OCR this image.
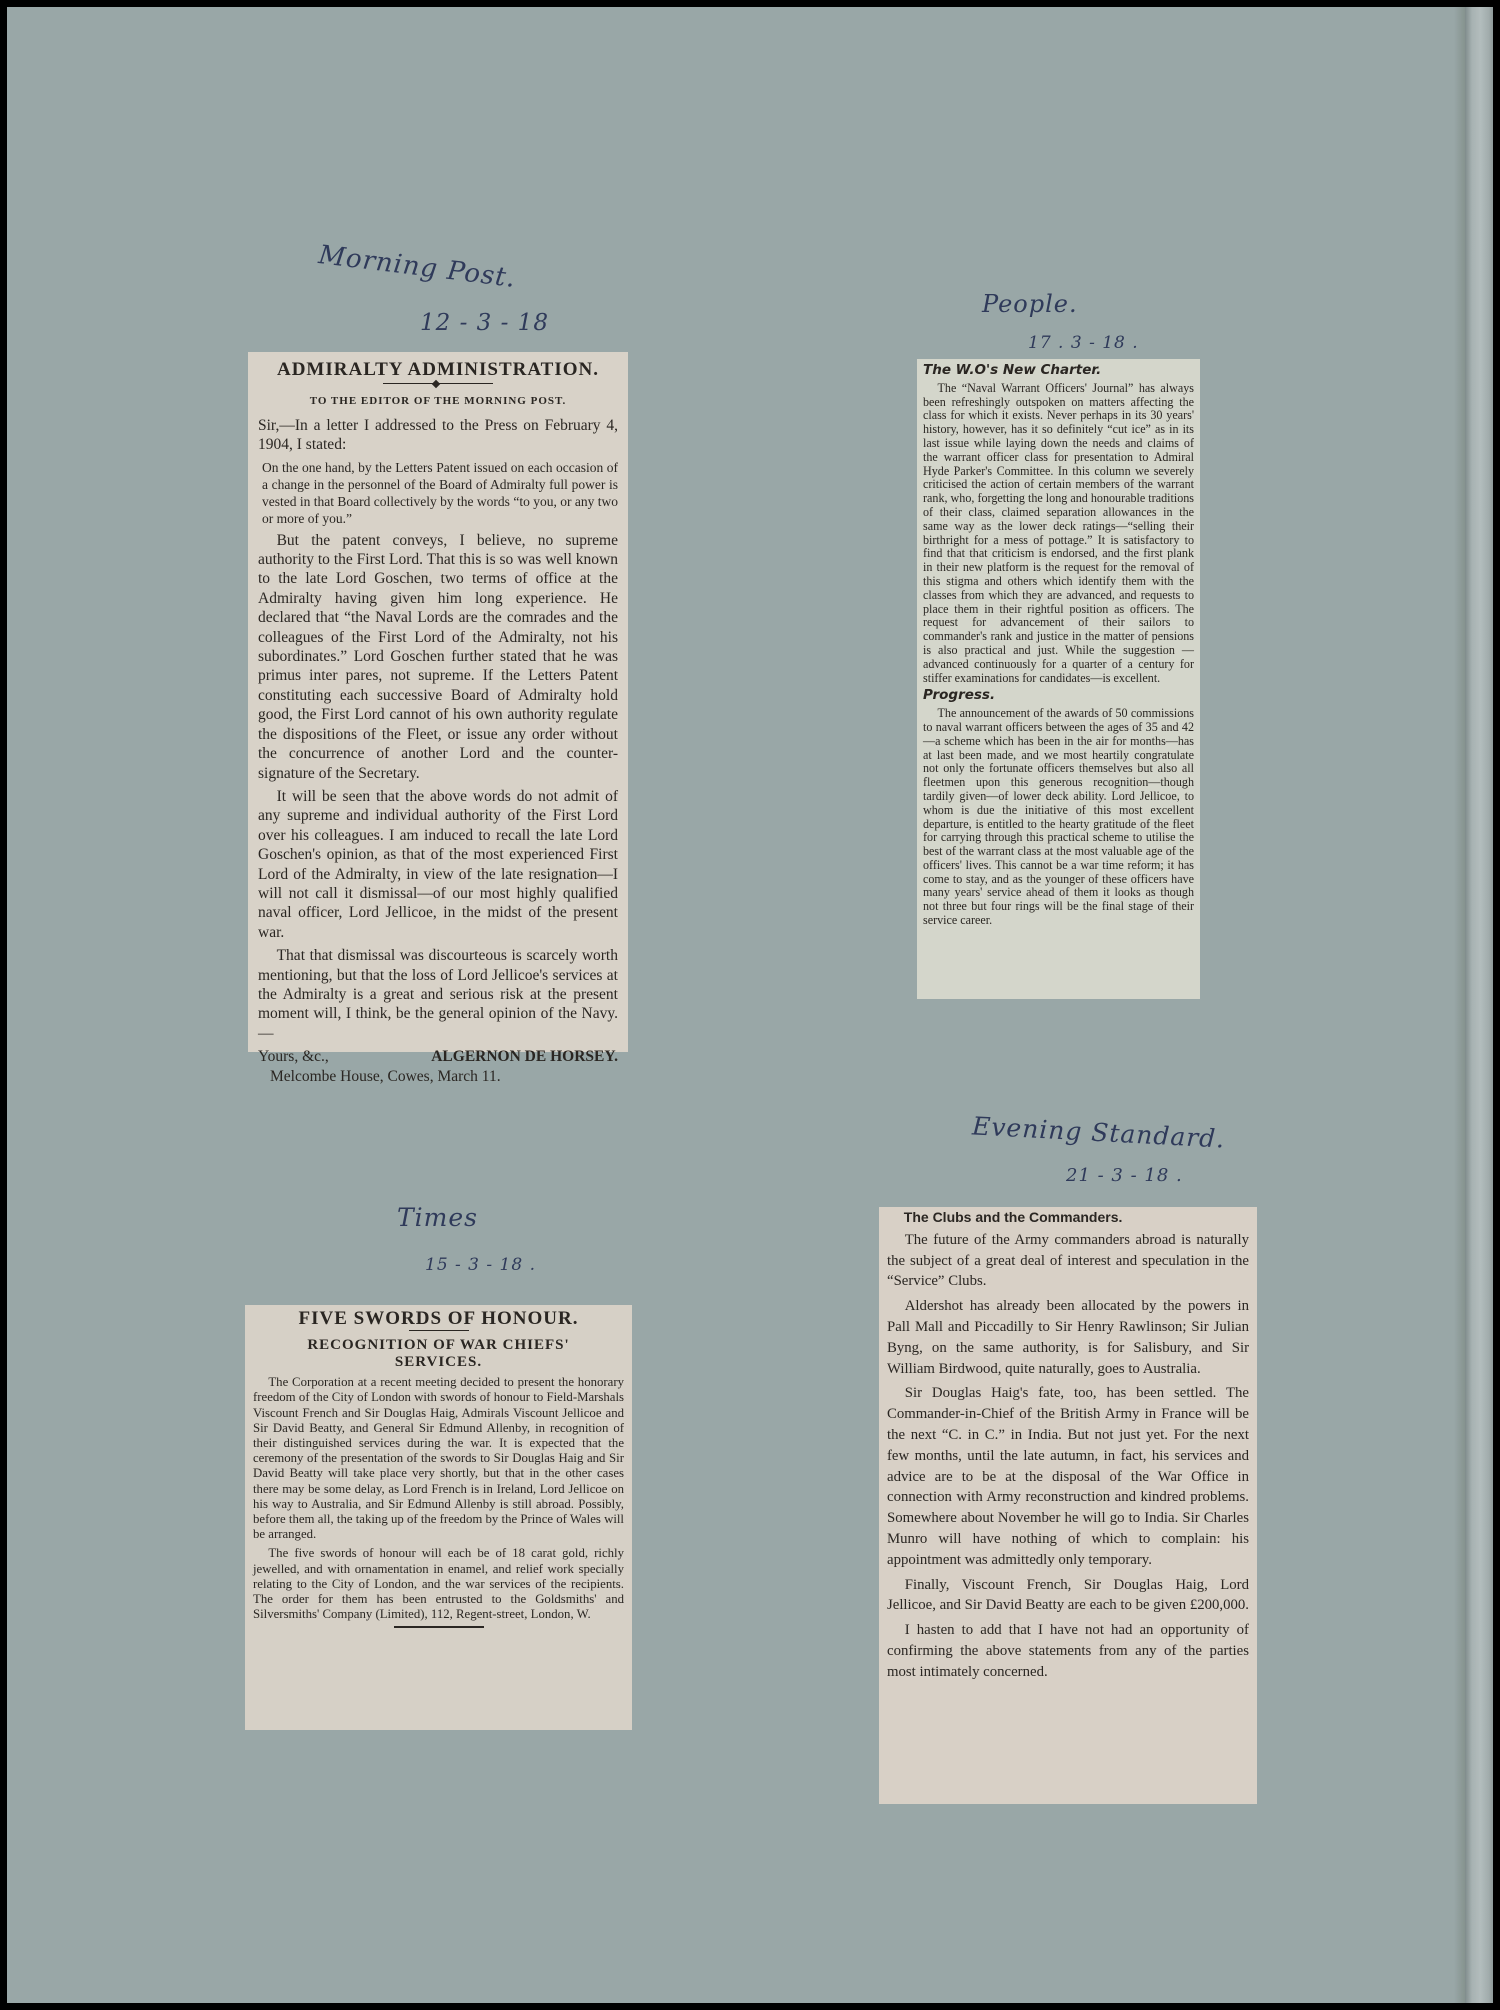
Morning Post.
12 - 3 - 18
People.
17 . 3 - 18 .
Times
15 - 3 - 18 .
Evening Standard.
21 - 3 - 18 .
ADMIRALTY ADMINISTRATION.
TO THE EDITOR OF THE MORNING POST.

Sir,—In a letter I addressed to the Press on February 4, 1904, I stated:

On the one hand, by the Letters Patent issued on each occasion of a change in the personnel of the Board of Admiralty full power is vested in that Board collectively by the words “to you, or any two or more of you.”

But the patent conveys, I believe, no supreme authority to the First Lord. That this is so was well known to the late Lord Goschen, two terms of office at the Admiralty having given him long experience. He declared that “the Naval Lords are the comrades and the colleagues of the First Lord of the Admiralty, not his subordinates.” Lord Goschen further stated that he was primus inter pares, not supreme. If the Letters Patent constituting each successive Board of Admiralty hold good, the First Lord cannot of his own authority regulate the dispositions of the Fleet, or issue any order without the concurrence of another Lord and the counter-signature of the Secretary.

It will be seen that the above words do not admit of any supreme and individual authority of the First Lord over his colleagues. I am induced to recall the late Lord Goschen's opinion, as that of the most experienced First Lord of the Admiralty, in view of the late resignation—I will not call it dismissal—of our most highly qualified naval officer, Lord Jellicoe, in the midst of the present war.

That that dismissal was discourteous is scarcely worth mentioning, but that the loss of Lord Jellicoe's services at the Admiralty is a great and serious risk at the present moment will, I think, be the general opinion of the Navy.—

Yours, &c.,	ALGERNON DE HORSEY.
Melcombe House, Cowes, March 11.

The W.O's New Charter.

The “Naval Warrant Officers' Journal” has always been refreshingly outspoken on matters affecting the class for which it exists. Never perhaps in its 30 years' history, however, has it so definitely “cut ice” as in its last issue while laying down the needs and claims of the warrant officer class for presentation to Admiral Hyde Parker's Committee. In this column we severely criticised the action of certain members of the warrant rank, who, forgetting the long and honourable traditions of their class, claimed separation allowances in the same way as the lower deck ratings—“selling their birthright for a mess of pottage.” It is satisfactory to find that that criticism is endorsed, and the first plank in their new platform is the request for the removal of this stigma and others which identify them with the classes from which they are advanced, and requests to place them in their rightful position as officers. The request for advancement of their sailors to commander's rank and justice in the matter of pensions is also practical and just. While the suggestion —advanced continuously for a quarter of a century for stiffer examinations for candidates—is excellent.

Progress.

The announcement of the awards of 50 commissions to naval warrant officers between the ages of 35 and 42—a scheme which has been in the air for months—has at last been made, and we most heartily congratulate not only the fortunate officers themselves but also all fleetmen upon this generous recognition—though tardily given—of lower deck ability. Lord Jellicoe, to whom is due the initiative of this most excellent departure, is entitled to the hearty gratitude of the fleet for carrying through this practical scheme to utilise the best of the warrant class at the most valuable age of the officers' lives. This cannot be a war time reform; it has come to stay, and as the younger of these officers have many years' service ahead of them it looks as though not three but four rings will be the final stage of their service career.

FIVE SWORDS OF HONOUR.
RECOGNITION OF WAR CHIEFS' SERVICES.

The Corporation at a recent meeting decided to present the honorary freedom of the City of London with swords of honour to Field-Marshals Viscount French and Sir Douglas Haig, Admirals Viscount Jellicoe and Sir David Beatty, and General Sir Edmund Allenby, in recognition of their distinguished services during the war. It is expected that the ceremony of the presentation of the swords to Sir Douglas Haig and Sir David Beatty will take place very shortly, but that in the other cases there may be some delay, as Lord French is in Ireland, Lord Jellicoe on his way to Australia, and Sir Edmund Allenby is still abroad. Possibly, before them all, the taking up of the freedom by the Prince of Wales will be arranged.

The five swords of honour will each be of 18 carat gold, richly jewelled, and with ornamentation in enamel, and relief work specially relating to the City of London, and the war services of the recipients. The order for them has been entrusted to the Goldsmiths' and Silversmiths' Company (Limited), 112, Regent-street, London, W.

The Clubs and the Commanders.

The future of the Army commanders abroad is naturally the subject of a great deal of interest and speculation in the “Service” Clubs.

Aldershot has already been allocated by the powers in Pall Mall and Piccadilly to Sir Henry Rawlinson; Sir Julian Byng, on the same authority, is for Salisbury, and Sir William Birdwood, quite naturally, goes to Australia.

Sir Douglas Haig's fate, too, has been settled. The Commander-in-Chief of the British Army in France will be the next “C. in C.” in India. But not just yet. For the next few months, until the late autumn, in fact, his services and advice are to be at the disposal of the War Office in connection with Army reconstruction and kindred problems. Somewhere about November he will go to India. Sir Charles Munro will have nothing of which to complain: his appointment was admittedly only temporary.

Finally, Viscount French, Sir Douglas Haig, Lord Jellicoe, and Sir David Beatty are each to be given £200,000.

I hasten to add that I have not had an opportunity of confirming the above statements from any of the parties most intimately concerned.
